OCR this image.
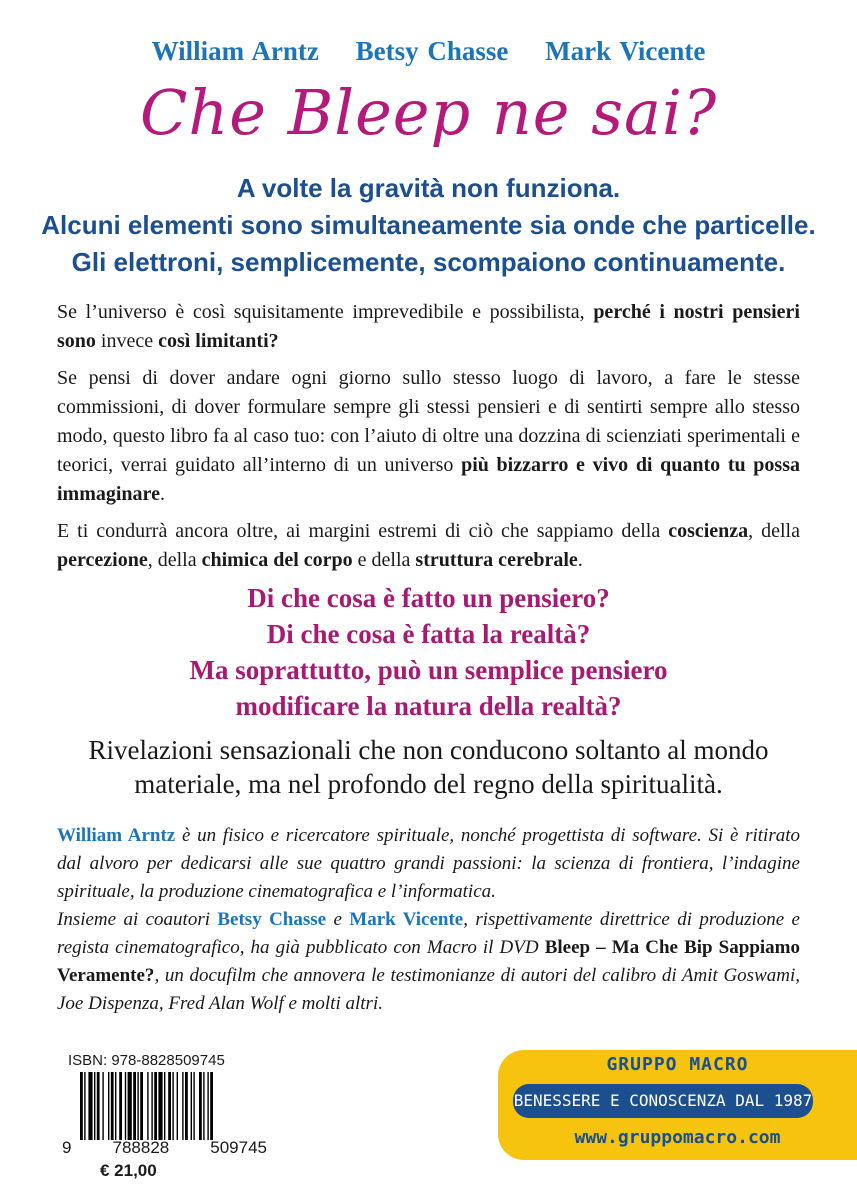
William Arntz Betsy Chasse Mark Vicente
Che Bleep ne sai?
A volte la gravità non funziona.
Alcuni elementi sono simultaneamente sia onde che particelle.
Gli elettroni, semplicemente, scompaiono continuamente.

Se l’universo è così squisitamente imprevedibile e possibilista, perché i nostri pensieri sono invece così limitanti?

Se pensi di dover andare ogni giorno sullo stesso luogo di lavoro, a fare le stesse commissioni, di dover formulare sempre gli stessi pensieri e di sentirti sempre allo stesso modo, questo libro fa al caso tuo: con l’aiuto di oltre una dozzina di scienziati sperimentali e teorici, verrai guidato all’interno di un universo più bizzarro e vivo di quanto tu possa immaginare.

E ti condurrà ancora oltre, ai margini estremi di ciò che sappiamo della coscienza, della percezione, della chimica del corpo e della struttura cerebrale.

Di che cosa è fatto un pensiero?
Di che cosa è fatta la realtà?
Ma soprattutto, può un semplice pensiero
modificare la natura della realtà?
Rivelazioni sensazionali che non conducono soltanto al mondo
materiale, ma nel profondo del regno della spiritualità.

William Arntz è un fisico e ricercatore spirituale, nonché progettista di software. Si è ritirato dal alvoro per dedicarsi alle sue quattro grandi passioni: la scienza di frontiera, l’indagine spirituale, la produzione cinematografica e l’informatica.

Insieme ai coautori Betsy Chasse e Mark Vicente, rispettivamente direttrice di produzione e regista cinematografico, ha già pubblicato con Macro il DVD Bleep – Ma Che Bip Sappiamo Veramente?, un docufilm che annovera le testimonianze di autori del calibro di Amit Goswami, Joe Dispenza, Fred Alan Wolf e molti altri.

ISBN: 978-8828509745
9 788828 509745
€ 21,00
GRUPPO MACRO
BENESSERE E CONOSCENZA DAL 1987
www.gruppomacro.com
